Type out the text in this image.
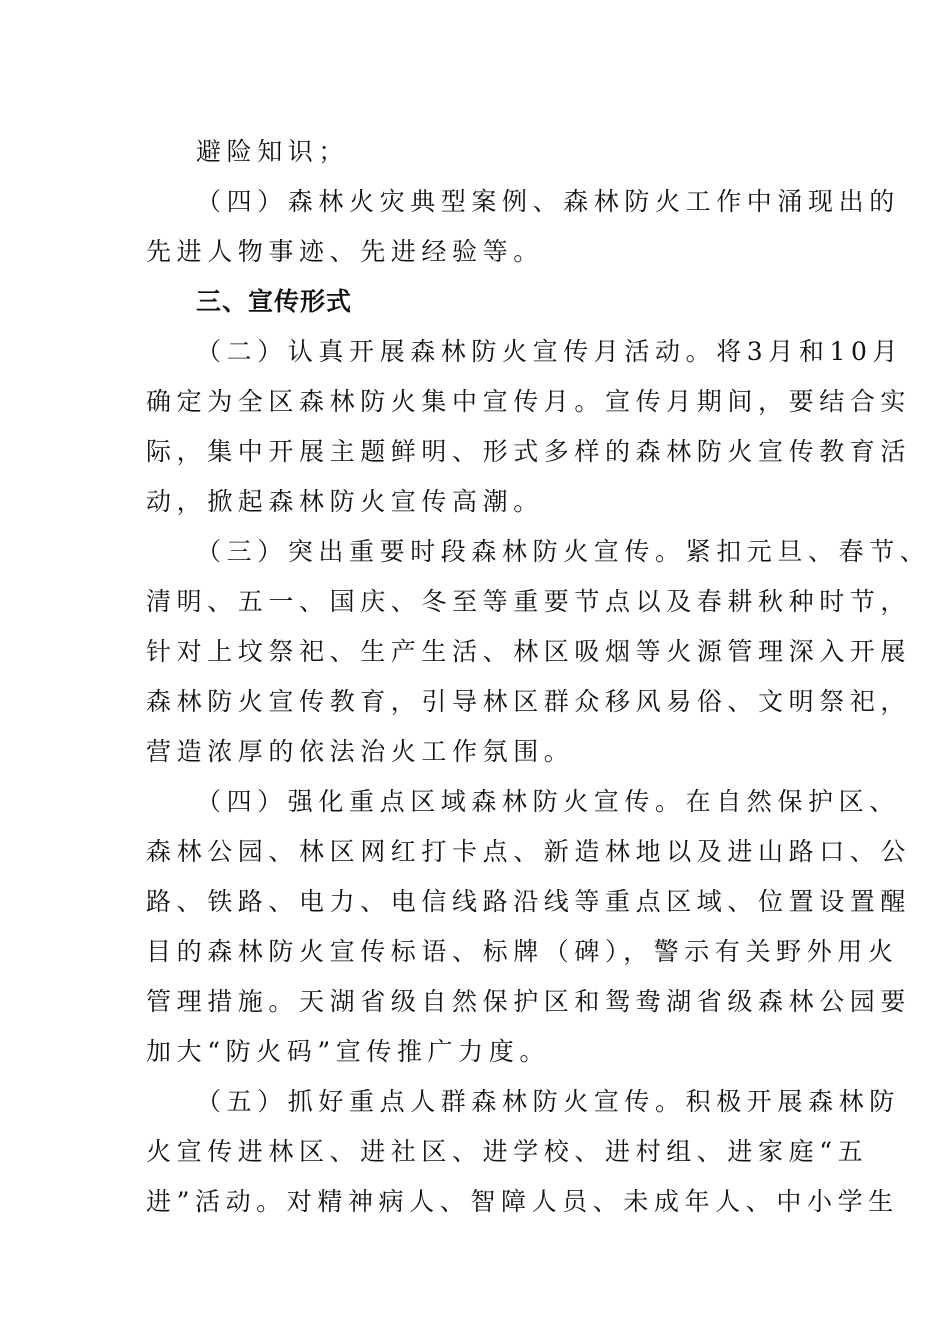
避险知识；
（四）森林火灾典型案例、森林防火工作中涌现出的
先进人物事迹、先进经验等。
三、宣传形式
（二）认真开展森林防火宣传月活动。将3月和10月
确定为全区森林防火集中宣传月。宣传月期间，要结合实
际，集中开展主题鲜明、形式多样的森林防火宣传教育活
动，掀起森林防火宣传高潮。
（三）突出重要时段森林防火宣传。紧扣元旦、春节、
清明、五一、国庆、冬至等重要节点以及春耕秋种时节，
针对上坟祭祀、生产生活、林区吸烟等火源管理深入开展
森林防火宣传教育，引导林区群众移风易俗、文明祭祀，
营造浓厚的依法治火工作氛围。
（四）强化重点区域森林防火宣传。在自然保护区、
森林公园、林区网红打卡点、新造林地以及进山路口、公
路、铁路、电力、电信线路沿线等重点区域、位置设置醒
目的森林防火宣传标语、标牌（碑），警示有关野外用火
管理措施。天湖省级自然保护区和鸳鸯湖省级森林公园要
加大“防火码”宣传推广力度。
（五）抓好重点人群森林防火宣传。积极开展森林防
火宣传进林区、进社区、进学校、进村组、进家庭“五
进”活动。对精神病人、智障人员、未成年人、中小学生
